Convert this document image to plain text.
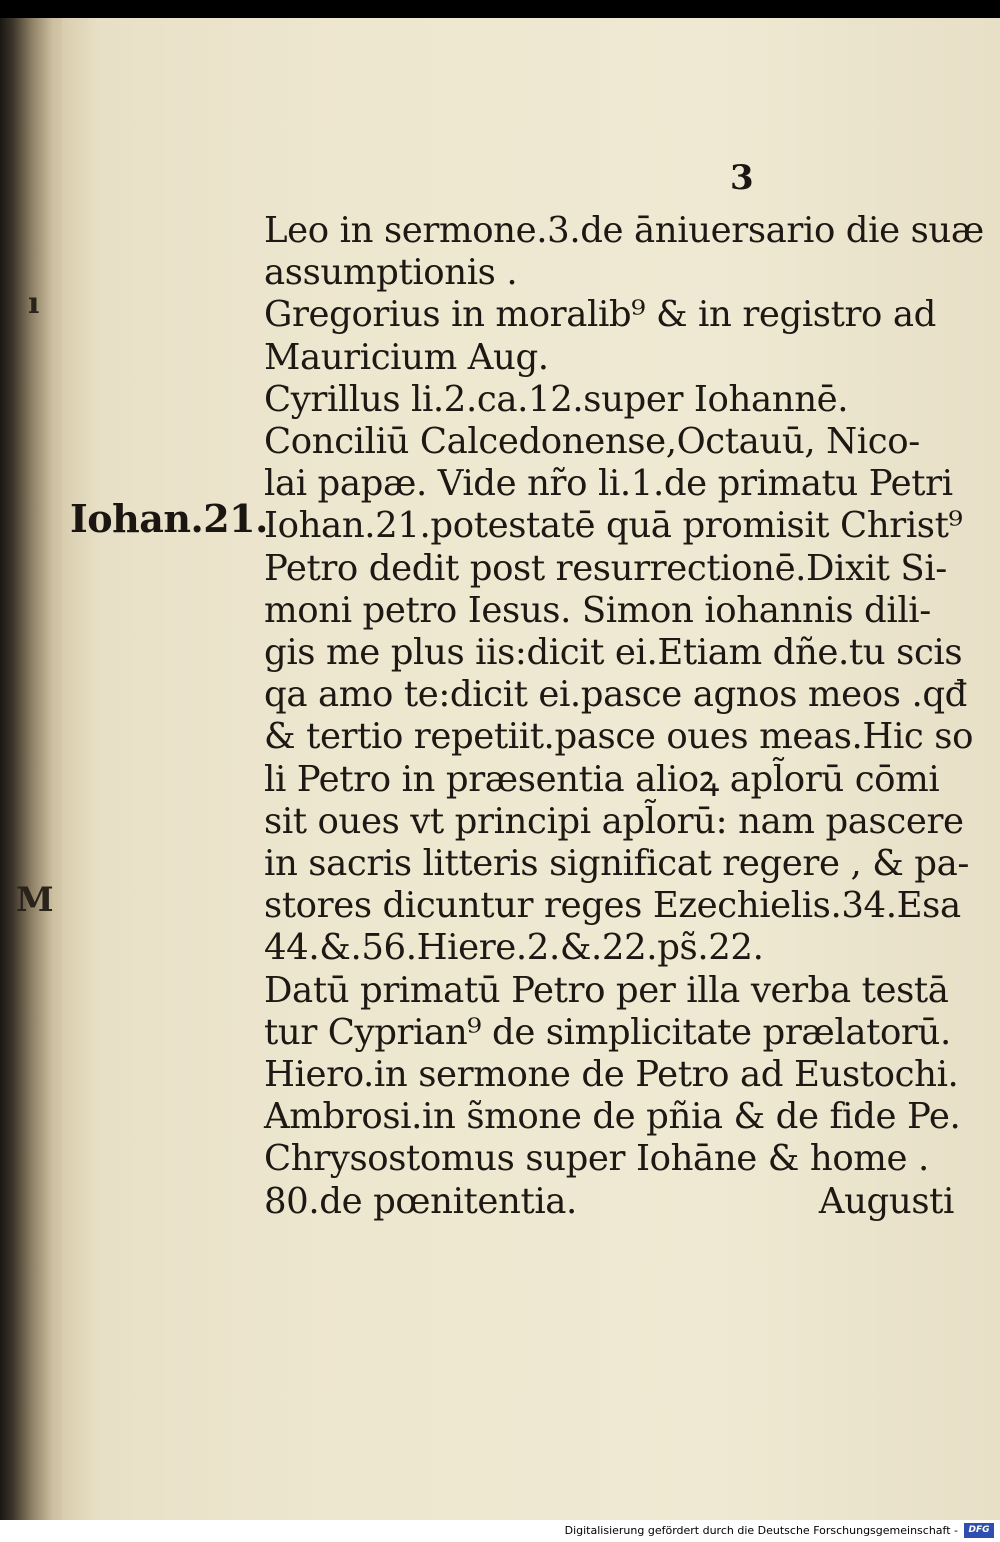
ı
M
3
Iohan.21.
Leo in sermone.3.de āniuersario die suæ
assumptionis .
Gregorius in moralib⁹ & in registro ad
Mauricium Aug.
Cyrillus li.2.ca.12.super Iohannē.
Conciliū Calcedonense,Octauū, Nico-
lai papæ. Vide nr̃o li.1.de primatu Petri
Iohan.21.potestatē quā promisit Christ⁹
Petro dedit post resurrectionē.Dixit Si-
moni petro Iesus. Simon iohannis dili-
gis me plus iis:dicit ei.Etiam dñe.tu scis
qa amo te:dicit ei.pasce agnos meos .qđ
& tertio repetiit.pasce oues meas.Hic so
li Petro in præsentia alioꝝ apl̃orū cōmi
sit oues vt principi apl̃orū: nam pascere
in sacris litteris significat regere , & pa-
stores dicuntur reges Ezechielis.34.Esa
44.&.56.Hiere.2.&.22.ps̃.22.
Datū primatū Petro per illa verba testā
tur Cyprian⁹ de simplicitate prælatorū.
Hiero.in sermone de Petro ad Eustochi.
Ambrosi.in s̃mone de pñia & de fide Pe.
Chrysostomus super Iohāne & home .
80.de pœnitentia.	Augusti
Digitalisierung gefördert durch die Deutsche Forschungsgemeinschaft -	DFG
